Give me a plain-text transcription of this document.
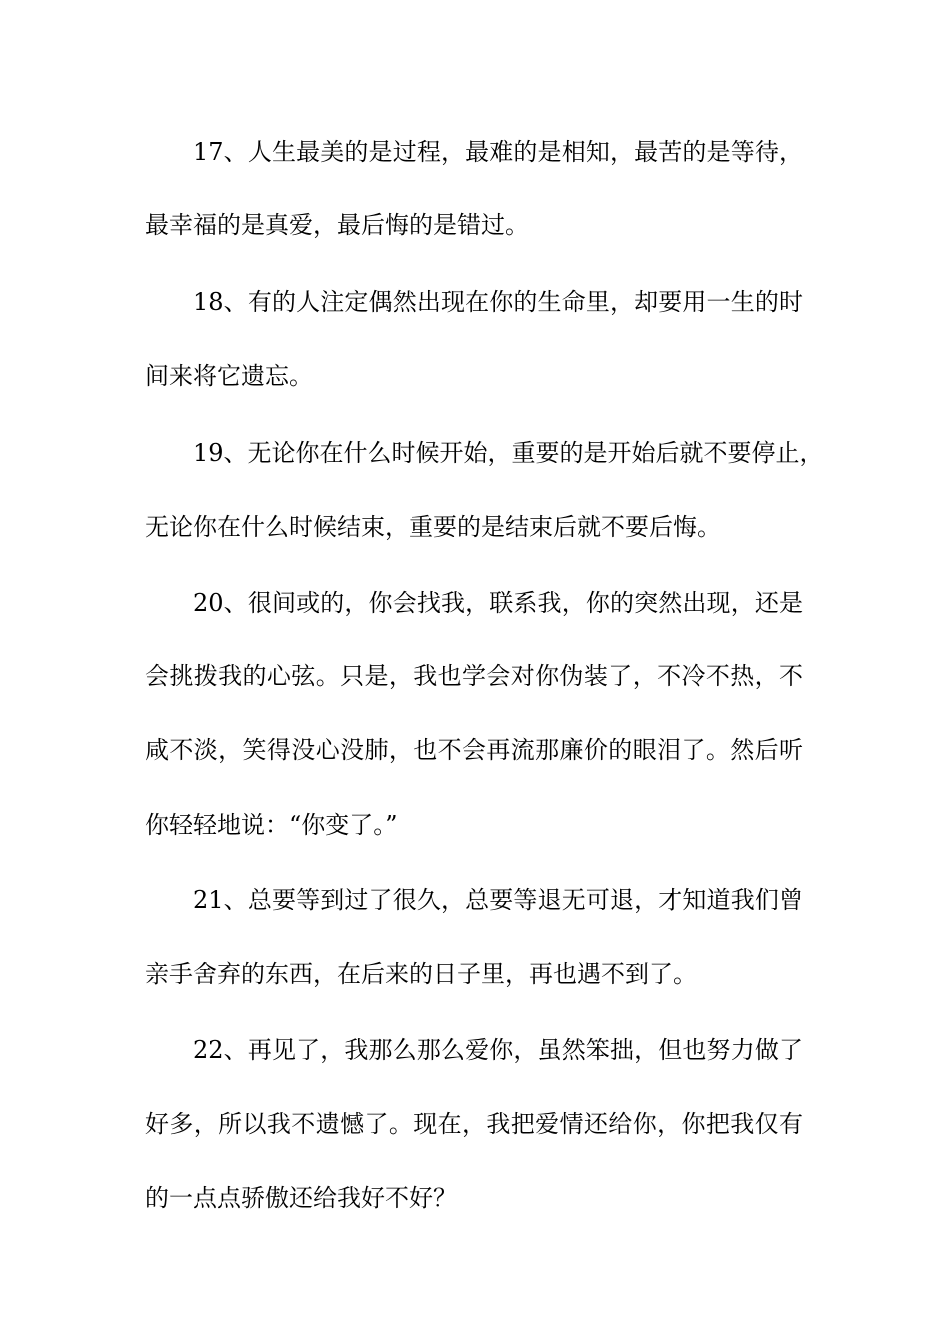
17、人生最美的是过程，最难的是相知，最苦的是等待，
最幸福的是真爱，最后悔的是错过。
18、有的人注定偶然出现在你的生命里，却要用一生的时
间来将它遗忘。
19、无论你在什么时候开始，重要的是开始后就不要停止，
无论你在什么时候结束，重要的是结束后就不要后悔。
20、很间或的，你会找我，联系我，你的突然出现，还是
会挑拨我的心弦。只是，我也学会对你伪装了，不冷不热，不
咸不淡，笑得没心没肺，也不会再流那廉价的眼泪了。然后听
你轻轻地说：“你变了。”
21、总要等到过了很久，总要等退无可退，才知道我们曾
亲手舍弃的东西，在后来的日子里，再也遇不到了。
22、再见了，我那么那么爱你，虽然笨拙，但也努力做了
好多，所以我不遗憾了。现在，我把爱情还给你，你把我仅有
的一点点骄傲还给我好不好？
